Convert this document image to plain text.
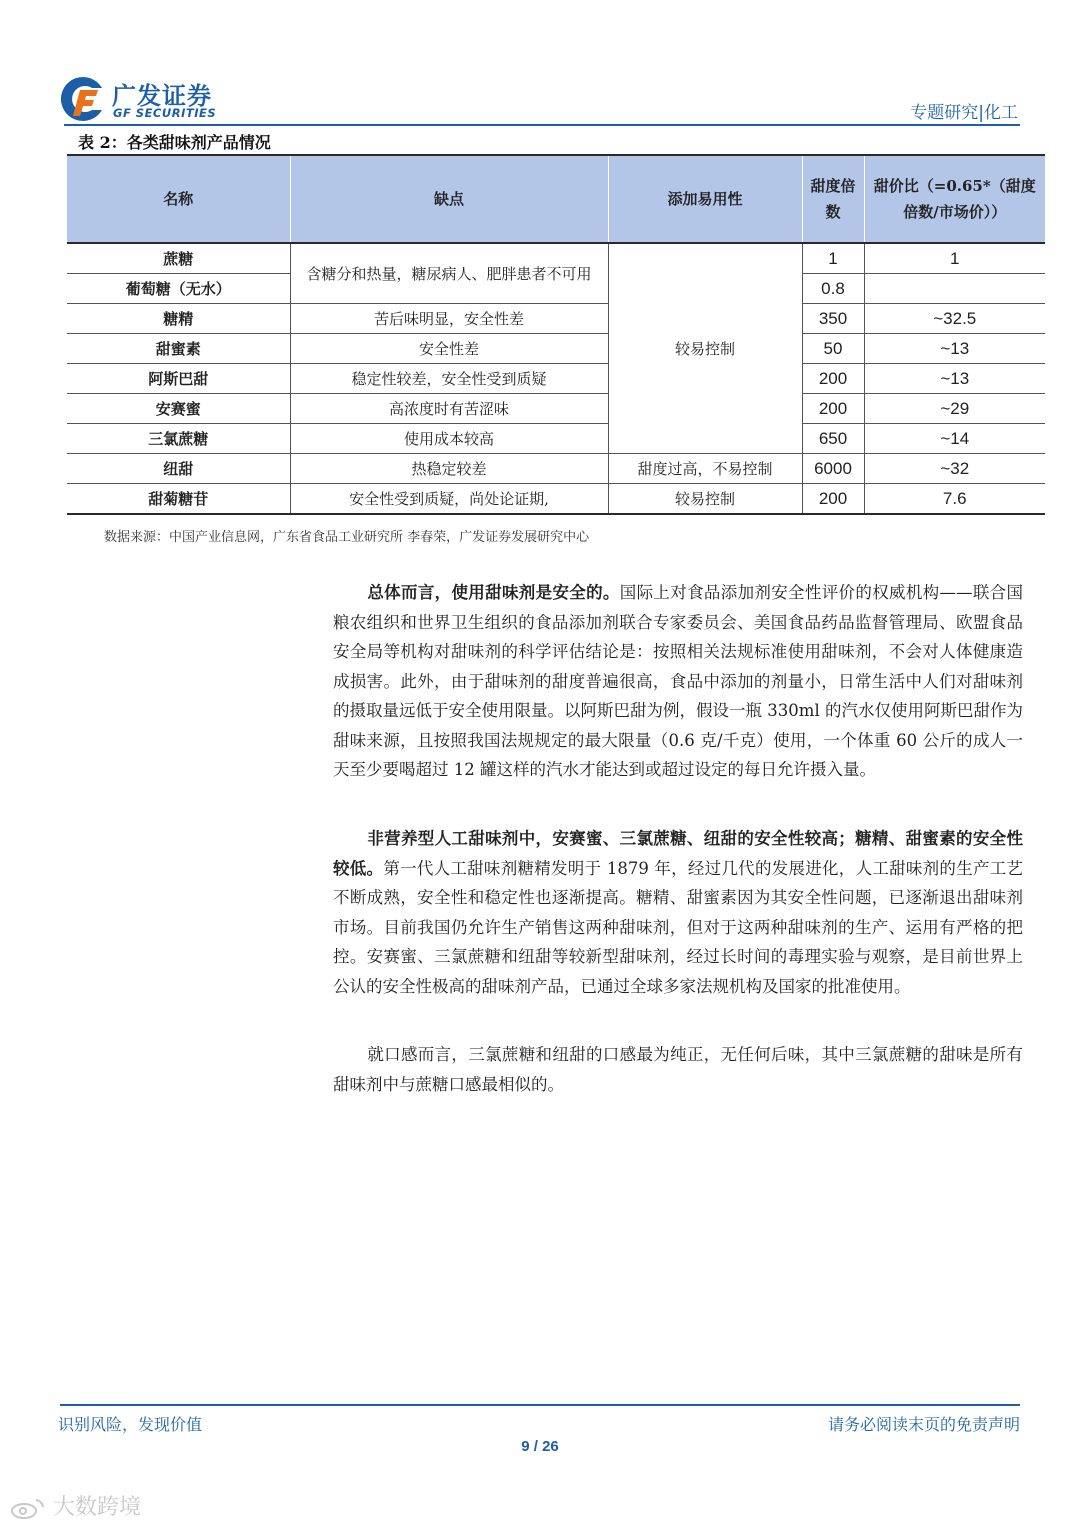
广发证券
GF SECURITIES	专题研究|化工
表 2：各类甜味剂产品情况
名称	缺点	添加易用性	甜度倍数	甜价比（=0.65*（甜度倍数/市场价））
蔗糖	含糖分和热量，糖尿病人、肥胖患者不可用	较易控制	1	1
葡萄糖（无水）			0.8	
糖精	苦后味明显，安全性差		350	~32.5
甜蜜素	安全性差		50	~13
阿斯巴甜	稳定性较差，安全性受到质疑		200	~13
安赛蜜	高浓度时有苦涩味		200	~29
三氯蔗糖	使用成本较高		650	~14
纽甜	热稳定较差	甜度过高，不易控制	6000	~32
甜菊糖苷	安全性受到质疑，尚处论证期,	较易控制	200	7.6
数据来源：中国产业信息网，广东省食品工业研究所 李春荣，广发证券发展研究中心
总体而言，使用甜味剂是安全的。国际上对食品添加剂安全性评价的权威机构——联合国粮农组织和世界卫生组织的食品添加剂联合专家委员会、美国食品药品监督管理局、欧盟食品安全局等机构对甜味剂的科学评估结论是：按照相关法规标准使用甜味剂，不会对人体健康造成损害。此外，由于甜味剂的甜度普遍很高，食品中添加的剂量小，日常生活中人们对甜味剂的摄取量远低于安全使用限量。以阿斯巴甜为例，假设一瓶 330ml 的汽水仅使用阿斯巴甜作为甜味来源，且按照我国法规规定的最大限量（0.6 克/千克）使用，一个体重 60 公斤的成人一天至少要喝超过 12 罐这样的汽水才能达到或超过设定的每日允许摄入量。
非营养型人工甜味剂中，安赛蜜、三氯蔗糖、纽甜的安全性较高；糖精、甜蜜素的安全性较低。第一代人工甜味剂糖精发明于 1879 年，经过几代的发展进化，人工甜味剂的生产工艺不断成熟，安全性和稳定性也逐渐提高。糖精、甜蜜素因为其安全性问题，已逐渐退出甜味剂市场。目前我国仍允许生产销售这两种甜味剂，但对于这两种甜味剂的生产、运用有严格的把控。安赛蜜、三氯蔗糖和纽甜等较新型甜味剂，经过长时间的毒理实验与观察，是目前世界上公认的安全性极高的甜味剂产品，已通过全球多家法规机构及国家的批准使用。
就口感而言，三氯蔗糖和纽甜的口感最为纯正，无任何后味，其中三氯蔗糖的甜味是所有甜味剂中与蔗糖口感最相似的。
识别风险，发现价值	请务必阅读末页的免责声明
9 / 26
大数跨境
